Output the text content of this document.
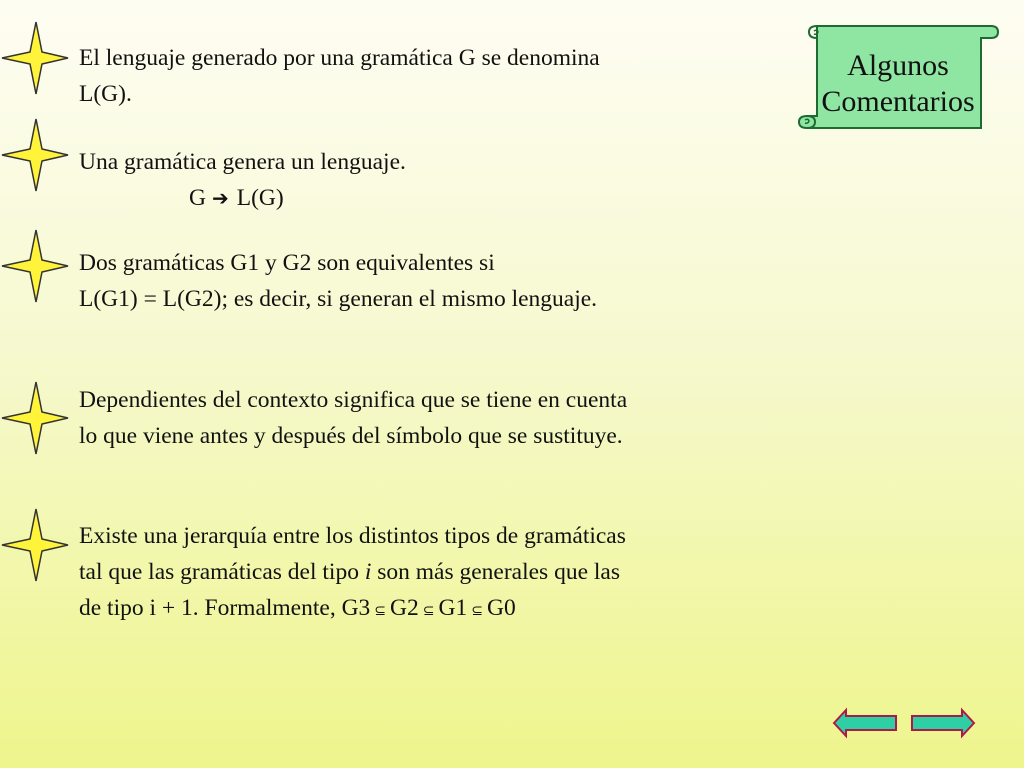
El lenguaje generado por una gramática G se denomina
L(G).
Una gramática genera un lenguaje.
G ➔ L(G)
Dos gramáticas G1 y G2 son equivalentes si
L(G1) = L(G2); es decir, si generan el mismo lenguaje.
Dependientes del contexto significa que se tiene en cuenta
lo que viene antes y después del símbolo que se sustituye.
Existe una jerarquía entre los distintos tipos de gramáticas
tal que las gramáticas del tipo i son más generales que las
de tipo i + 1. Formalmente, G3 ⊆ G2 ⊆ G1 ⊆ G0
Algunos
Comentarios
